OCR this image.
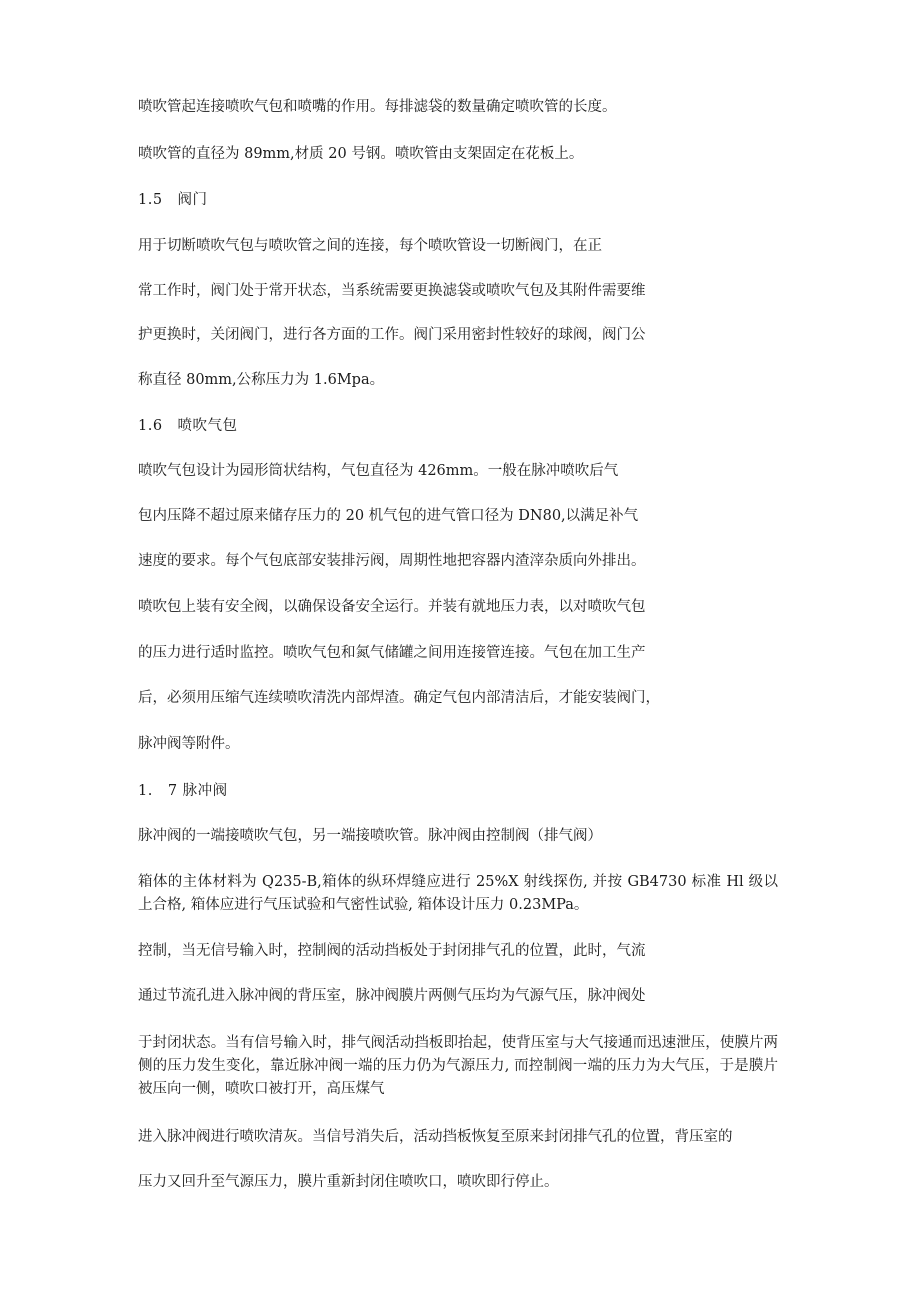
喷吹管起连接喷吹气包和喷嘴的作用。每排滤袋的数量确定喷吹管的长度。
喷吹管的直径为 89mm,材质 20 号钢。喷吹管由支架固定在花板上。
1.5　阀门
用于切断喷吹气包与喷吹管之间的连接，每个喷吹管设一切断阀门，在正
常工作时，阀门处于常开状态，当系统需要更换滤袋或喷吹气包及其附件需要维
护更换时，关闭阀门，进行各方面的工作。阀门采用密封性较好的球阀，阀门公
称直径 80mm,公称压力为 1.6Mpa。
1.6　喷吹气包
喷吹气包设计为园形筒状结构，气包直径为 426mm。一般在脉冲喷吹后气
包内压降不超过原来储存压力的 20 机气包的进气管口径为 DN80,以满足补气
速度的要求。每个气包底部安装排污阀，周期性地把容器内渣滓杂质向外排出。
喷吹包上装有安全阀，以确保设备安全运行。并装有就地压力表，以对喷吹气包
的压力进行适时监控。喷吹气包和氮气储罐之间用连接管连接。气包在加工生产
后，必须用压缩气连续喷吹清洗内部焊渣。确定气包内部清洁后，才能安装阀门，
脉冲阀等附件。
1.　7 脉冲阀
脉冲阀的一端接喷吹气包，另一端接喷吹管。脉冲阀由控制阀（排气阀）
箱体的主体材料为 Q235-B,箱体的纵环焊缝应进行 25%X 射线探伤, 并按 GB4730 标准 Hl 级以上合格, 箱体应进行气压试验和气密性试验, 箱体设计压力 0.23MPa。
控制，当无信号输入时，控制阀的活动挡板处于封闭排气孔的位置，此时，气流
通过节流孔进入脉冲阀的背压室，脉冲阀膜片两侧气压均为气源气压，脉冲阀处
于封闭状态。当有信号输入时，排气阀活动挡板即抬起，使背压室与大气接通而迅速泄压，使膜片两侧的压力发生变化，靠近脉冲阀一端的压力仍为气源压力, 而控制阀一端的压力为大气压，于是膜片被压向一侧，喷吹口被打开，高压煤气
进入脉冲阀进行喷吹清灰。当信号消失后，活动挡板恢复至原来封闭排气孔的位置，背压室的
压力又回升至气源压力，膜片重新封闭住喷吹口，喷吹即行停止。
